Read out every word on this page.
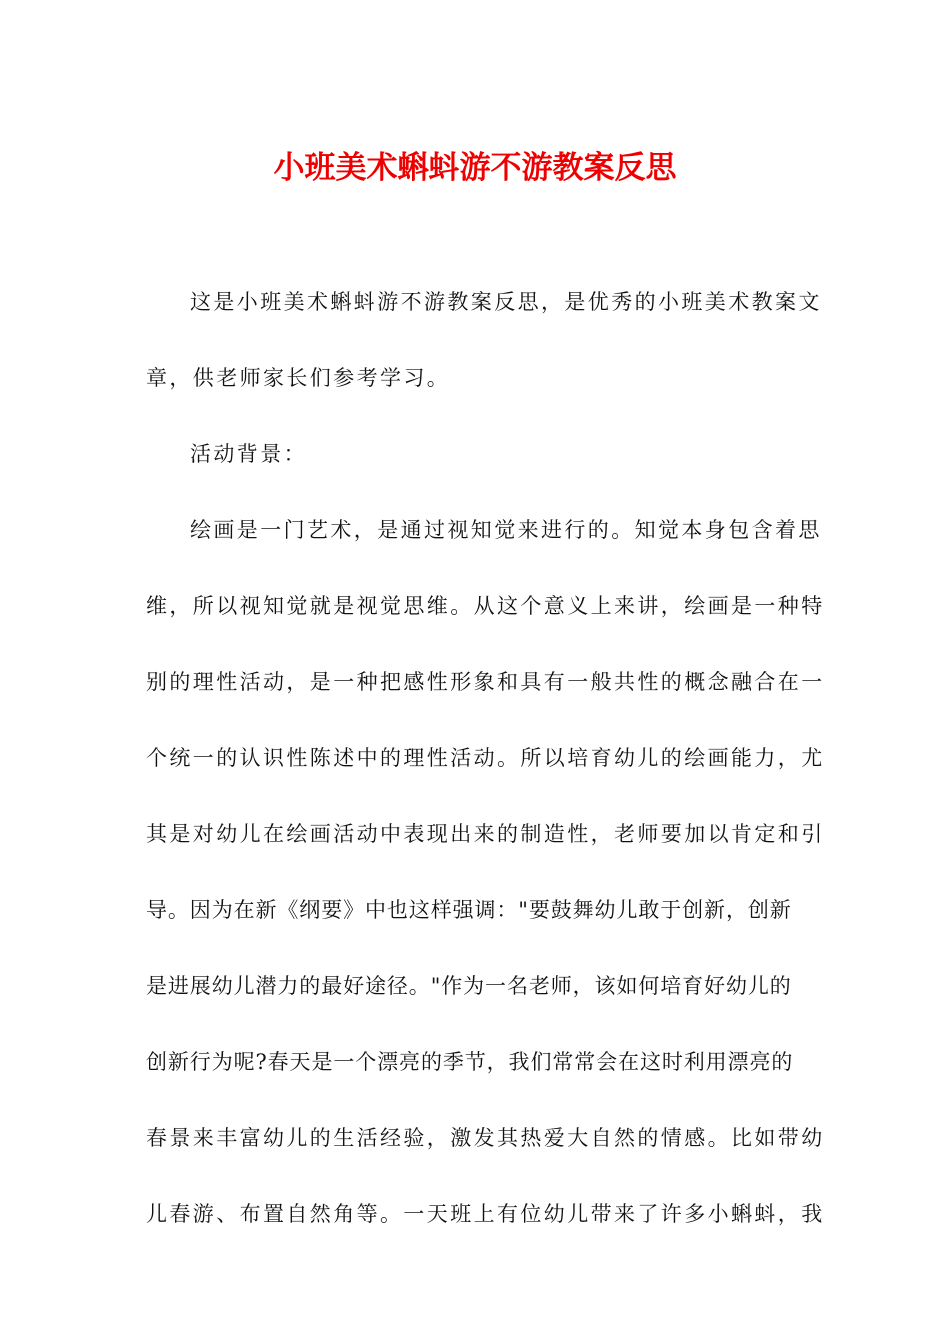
小班美术蝌蚪游不游教案反思

这是小班美术蝌蚪游不游教案反思，是优秀的小班美术教案文
章，供老师家长们参考学习。

活动背景：

绘画是一门艺术，是通过视知觉来进行的。知觉本身包含着思
维，所以视知觉就是视觉思维。从这个意义上来讲，绘画是一种特
别的理性活动，是一种把感性形象和具有一般共性的概念融合在一
个统一的认识性陈述中的理性活动。所以培育幼儿的绘画能力，尤
其是对幼儿在绘画活动中表现出来的制造性，老师要加以肯定和引
导。因为在新《纲要》中也这样强调："要鼓舞幼儿敢于创新，创新
是进展幼儿潜力的最好途径。"作为一名老师，该如何培育好幼儿的
创新行为呢?春天是一个漂亮的季节，我们常常会在这时利用漂亮的
春景来丰富幼儿的生活经验，激发其热爱大自然的情感。比如带幼
儿春游、布置自然角等。一天班上有位幼儿带来了许多小蝌蚪，我
